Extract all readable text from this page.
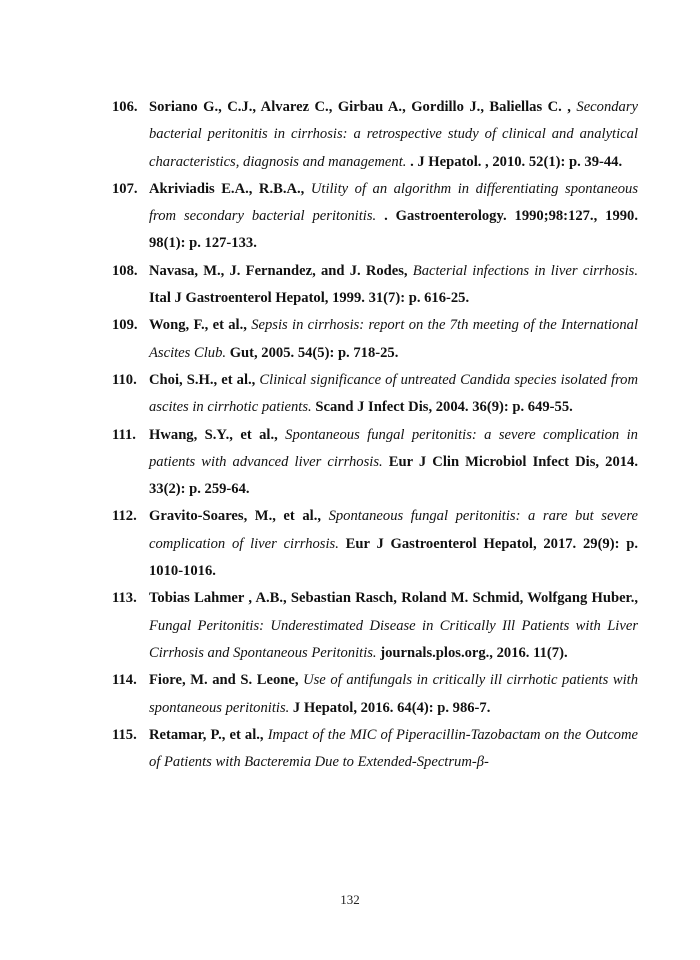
106. Soriano G., C.J., Alvarez C., Girbau A., Gordillo J., Baliellas C. , Secondary bacterial peritonitis in cirrhosis: a retrospective study of clinical and analytical characteristics, diagnosis and management. . J Hepatol. , 2010. 52(1): p. 39-44.
107. Akriviadis E.A., R.B.A., Utility of an algorithm in differentiating spontaneous from secondary bacterial peritonitis. . Gastroenterology. 1990;98:127., 1990. 98(1): p. 127-133.
108. Navasa, M., J. Fernandez, and J. Rodes, Bacterial infections in liver cirrhosis. Ital J Gastroenterol Hepatol, 1999. 31(7): p. 616-25.
109. Wong, F., et al., Sepsis in cirrhosis: report on the 7th meeting of the International Ascites Club. Gut, 2005. 54(5): p. 718-25.
110. Choi, S.H., et al., Clinical significance of untreated Candida species isolated from ascites in cirrhotic patients. Scand J Infect Dis, 2004. 36(9): p. 649-55.
111. Hwang, S.Y., et al., Spontaneous fungal peritonitis: a severe complication in patients with advanced liver cirrhosis. Eur J Clin Microbiol Infect Dis, 2014. 33(2): p. 259-64.
112. Gravito-Soares, M., et al., Spontaneous fungal peritonitis: a rare but severe complication of liver cirrhosis. Eur J Gastroenterol Hepatol, 2017. 29(9): p. 1010-1016.
113. Tobias Lahmer , A.B., Sebastian Rasch, Roland M. Schmid, Wolfgang Huber., Fungal Peritonitis: Underestimated Disease in Critically Ill Patients with Liver Cirrhosis and Spontaneous Peritonitis. journals.plos.org., 2016. 11(7).
114. Fiore, M. and S. Leone, Use of antifungals in critically ill cirrhotic patients with spontaneous peritonitis. J Hepatol, 2016. 64(4): p. 986-7.
115. Retamar, P., et al., Impact of the MIC of Piperacillin-Tazobactam on the Outcome of Patients with Bacteremia Due to Extended-Spectrum-β-
132
